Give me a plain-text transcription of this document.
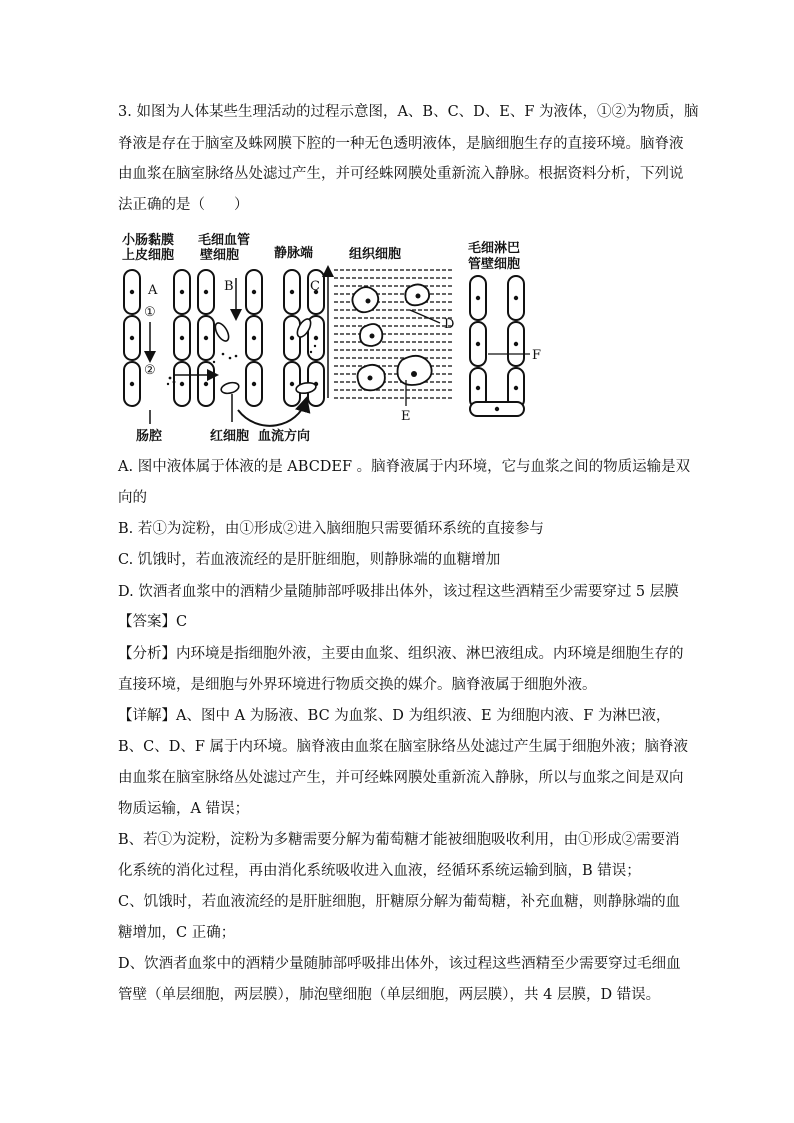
3. 如图为人体某些生理活动的过程示意图，A、B、C、D、E、F 为液体，①②为物质，脑
脊液是存在于脑室及蛛网膜下腔的一种无色透明液体，是脑细胞生存的直接环境。脑脊液
由血浆在脑室脉络丛处滤过产生，并可经蛛网膜处重新流入静脉。根据资料分析，下列说
法正确的是（　　）
小肠黏膜
上皮细胞
毛细血管
壁细胞	静脉端	组织细胞	毛细淋巴
管壁细胞
A
①
②
B	C
D
E
F
肠腔	红细胞 血流方向
A. 图中液体属于体液的是 ABCDEF 。脑脊液属于内环境，它与血浆之间的物质运输是双
向的
B. 若①为淀粉，由①形成②进入脑细胞只需要循环系统的直接参与
C. 饥饿时，若血液流经的是肝脏细胞，则静脉端的血糖增加
D. 饮酒者血浆中的酒精少量随肺部呼吸排出体外，该过程这些酒精至少需要穿过 5 层膜
【答案】C
【分析】内环境是指细胞外液，主要由血浆、组织液、淋巴液组成。内环境是细胞生存的
直接环境，是细胞与外界环境进行物质交换的媒介。脑脊液属于细胞外液。
【详解】A、图中 A 为肠液、BC 为血浆、D 为组织液、E 为细胞内液、F 为淋巴液，
B、C、D、F 属于内环境。脑脊液由血浆在脑室脉络丛处滤过产生属于细胞外液；脑脊液
由血浆在脑室脉络丛处滤过产生，并可经蛛网膜处重新流入静脉，所以与血浆之间是双向
物质运输，A 错误；
B、若①为淀粉，淀粉为多糖需要分解为葡萄糖才能被细胞吸收利用，由①形成②需要消
化系统的消化过程，再由消化系统吸收进入血液，经循环系统运输到脑，B 错误；
C、饥饿时，若血液流经的是肝脏细胞，肝糖原分解为葡萄糖，补充血糖，则静脉端的血
糖增加，C 正确；
D、饮酒者血浆中的酒精少量随肺部呼吸排出体外，该过程这些酒精至少需要穿过毛细血
管壁（单层细胞，两层膜），肺泡壁细胞（单层细胞，两层膜），共 4 层膜，D 错误。
